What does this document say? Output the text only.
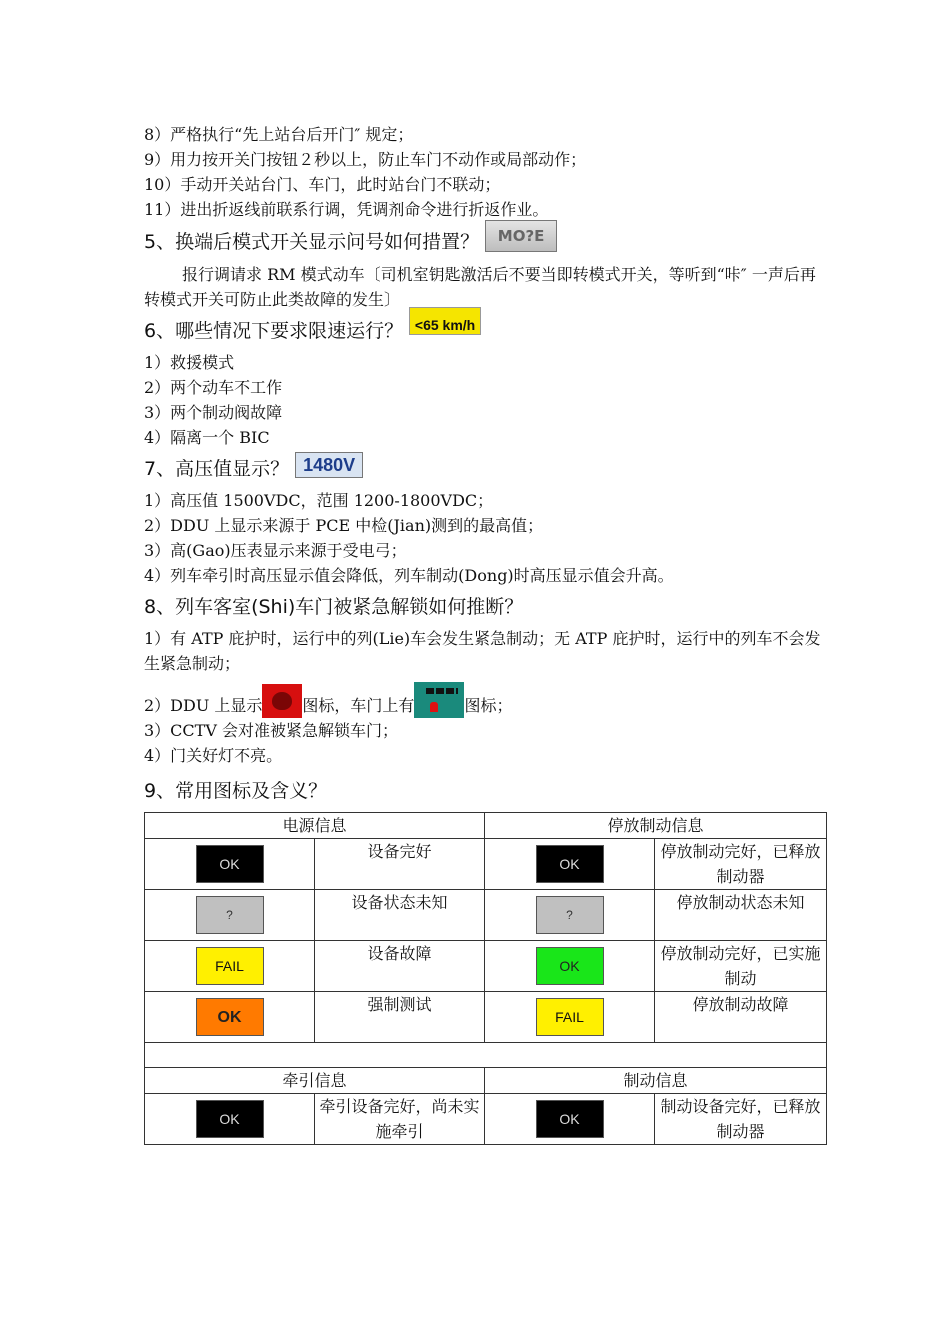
8）严格执行“先上站台后开门″ 规定；
9）用力按开关门按钮２秒以上，防止车门不动作或局部动作；
10）手动开关站台门、车门，此时站台门不联动；
11）进出折返线前联系行调，凭调剂命令进行折返作业。
5、换端后模式开关显示问号如何措置？	MO?E
报行调请求 RM 模式动车〔司机室钥匙激活后不要当即转模式开关，等听到“咔″ 一声后再转模式开关可防止此类故障的发生〕
6、哪些情况下要求限速运行？ <65 km/h
1）救援模式
2）两个动车不工作
3）两个制动阀故障
4）隔离一个 BIC
7、高压值显示？ 1480V
1）高压值 1500VDC，范围 1200-1800VDC；
2）DDU 上显示来源于 PCE 中检(Jian)测到的最高值；
3）高(Gao)压表显示来源于受电弓；
4）列车牵引时高压显示值会降低，列车制动(Dong)时高压显示值会升高。
8、列车客室(Shi)车门被紧急解锁如何推断？
1）有 ATP 庇护时，运行中的列(Lie)车会发生紧急制动；无 ATP 庇护时，运行中的列车不会发生紧急制动；
2）DDU 上显示	图标，车门上有	图标；
3）CCTV 会对准被紧急解锁车门；
4）门关好灯不亮。
9、常用图标及含义？
电源信息		停放制动信息	

OK	设备完好	OK	停放制动完好，已释放制动器

?	设备状态未知	?	停放制动状态未知

FAIL	设备故障	OK	停放制动完好，已实施制动

OK	强制测试	FAIL	停放制动故障

牵引信息		制动信息	

OK	牵引设备完好，尚未实施牵引	OK	制动设备完好，已释放制动器
